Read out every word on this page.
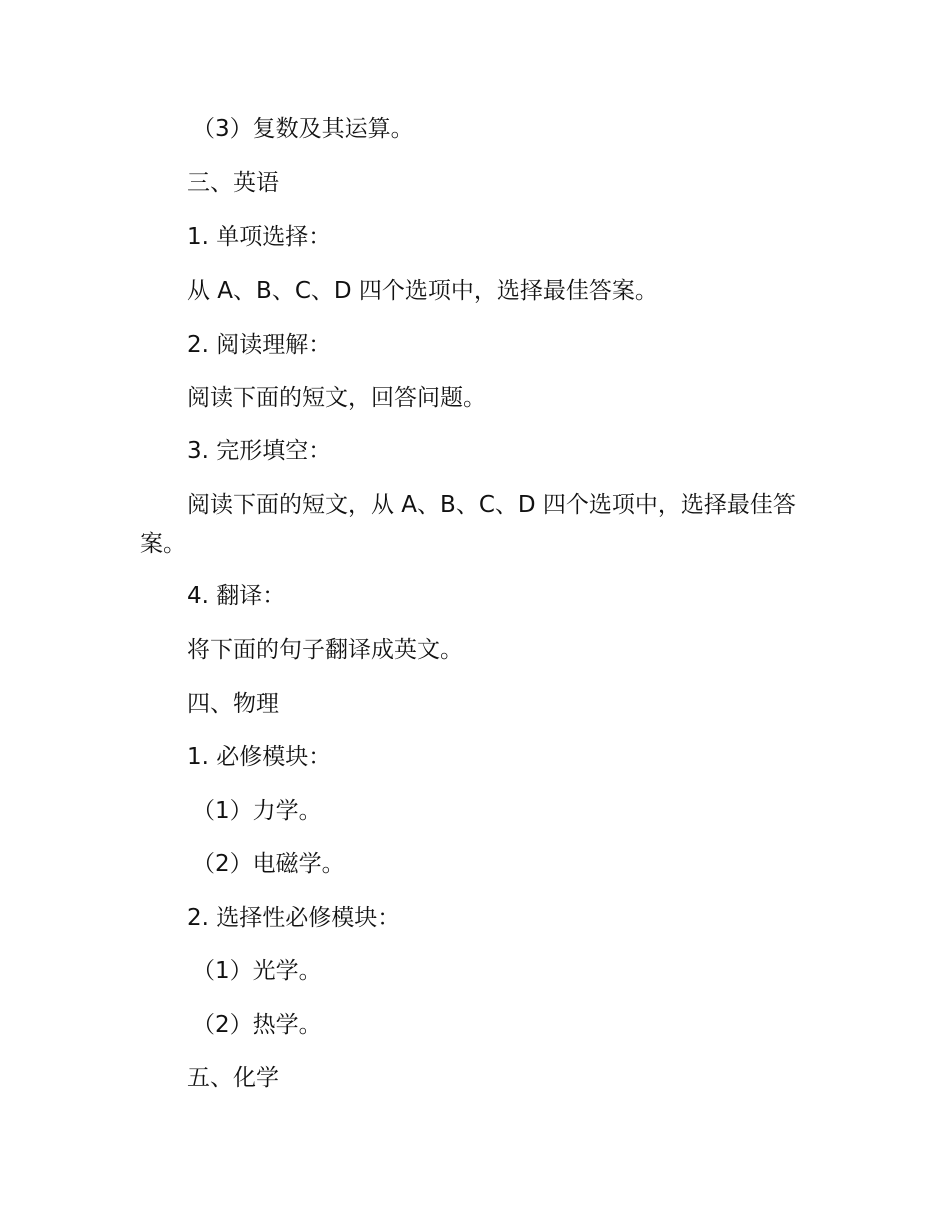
（3）复数及其运算。

三、英语

1. 单项选择：

从 A、B、C、D 四个选项中，选择最佳答案。

2. 阅读理解：

阅读下面的短文，回答问题。

3. 完形填空：

阅读下面的短文，从 A、B、C、D 四个选项中，选择最佳答案。

4. 翻译：

将下面的句子翻译成英文。

四、物理

1. 必修模块：

（1）力学。

（2）电磁学。

2. 选择性必修模块：

（1）光学。

（2）热学。

五、化学
